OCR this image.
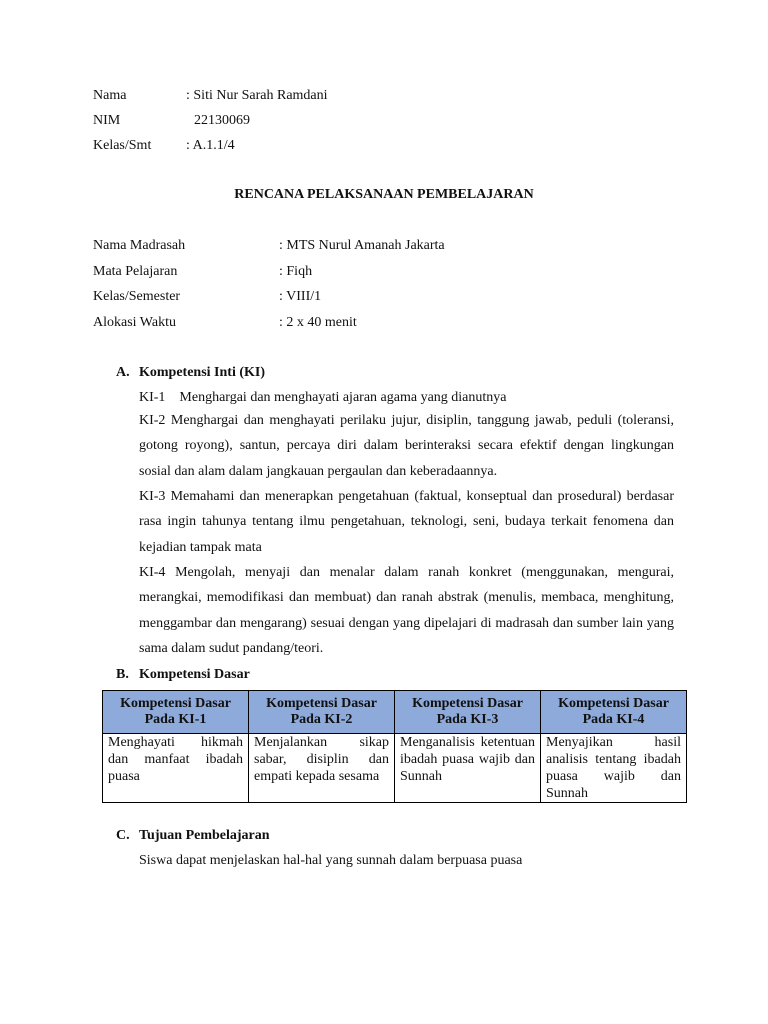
Nama	: Siti Nur Sarah Ramdani
NIM	22130069
Kelas/Smt : A.1.1/4
RENCANA PELAKSANAAN PEMBELAJARAN
Nama Madrasah	: MTS Nurul Amanah Jakarta
Mata Pelajaran	: Fiqh
Kelas/Semester	: VIII/1
Alokasi Waktu	: 2 x 40 menit
A. Kompetensi Inti (KI)
KI-1    Menghargai dan menghayati ajaran agama yang dianutnya
KI-2 Menghargai dan menghayati perilaku jujur, disiplin, tanggung jawab, peduli (toleransi, gotong royong), santun, percaya diri dalam berinteraksi secara efektif dengan lingkungan sosial dan alam dalam jangkauan pergaulan dan keberadaannya.
KI-3 Memahami dan menerapkan pengetahuan (faktual, konseptual dan prosedural) berdasar rasa ingin tahunya tentang ilmu pengetahuan, teknologi, seni, budaya terkait fenomena dan kejadian tampak mata
KI-4 Mengolah, menyaji dan menalar dalam ranah konkret (menggunakan, mengurai, merangkai, memodifikasi dan membuat) dan ranah abstrak (menulis, membaca, menghitung, menggambar dan mengarang) sesuai dengan yang dipelajari di madrasah dan sumber lain yang sama dalam sudut pandang/teori.
B. Kompetensi Dasar
Kompetensi Dasar Pada KI-1	Kompetensi Dasar Pada KI-2	Kompetensi Dasar Pada KI-3	Kompetensi Dasar Pada KI-4
Menghayati hikmah dan manfaat ibadah puasa	Menjalankan sikap sabar, disiplin dan empati kepada sesama	Menganalisis ketentuan ibadah puasa wajib dan Sunnah	Menyajikan hasil analisis tentang ibadah puasa wajib dan Sunnah
C. Tujuan Pembelajaran
Siswa dapat menjelaskan hal-hal yang sunnah dalam berpuasa puasa
